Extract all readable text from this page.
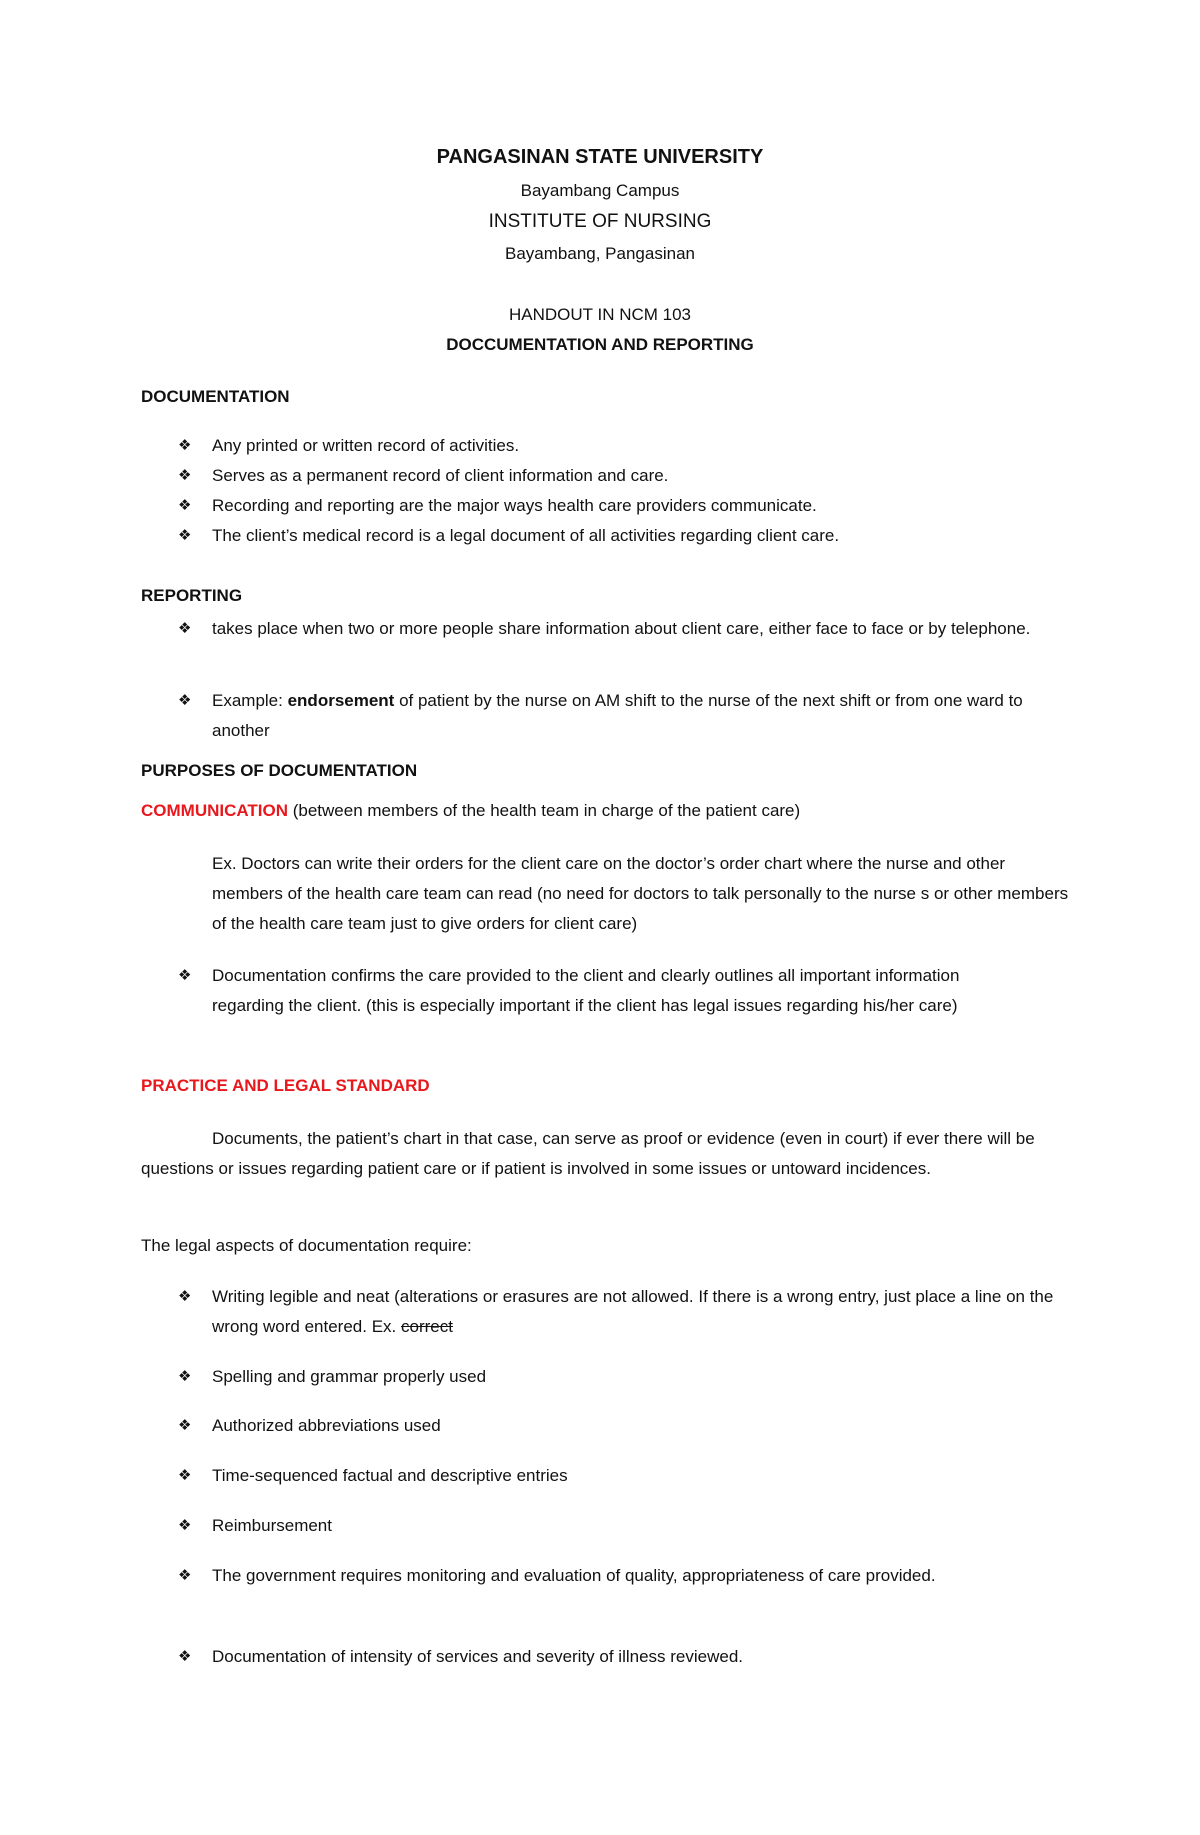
PANGASINAN STATE UNIVERSITY
Bayambang Campus
INSTITUTE OF NURSING
Bayambang, Pangasinan
HANDOUT IN NCM 103
DOCCUMENTATION AND REPORTING
DOCUMENTATION
❖	Any printed or written record of activities.
❖	Serves as a permanent record of client information and care.
❖	Recording and reporting are the major ways health care providers communicate.
❖	The client’s medical record is a legal document of all activities regarding client care.
REPORTING
❖	takes place when two or more people share information about client care, either face to face or by telephone.
❖	Example: endorsement of patient by the nurse on AM shift to the nurse of the next shift or from one ward to another
PURPOSES OF DOCUMENTATION
COMMUNICATION (between members of the health team in charge of the patient care)
Ex. Doctors can write their orders for the client care on the doctor’s order chart where the nurse and other members of the health care team can read (no need for doctors to talk personally to the nurse s or other members of the health care team just to give orders for client care)
❖	Documentation confirms the care provided to the client and clearly outlines all important information regarding the client. (this is especially important if the client has legal issues regarding his/her care)
PRACTICE AND LEGAL STANDARD
Documents, the patient’s chart in that case, can serve as proof or evidence (even in court) if ever there will be questions or issues regarding patient care or if patient is involved in some issues or untoward incidences.
The legal aspects of documentation require:
❖	Writing legible and neat (alterations or erasures are not allowed. If there is a wrong entry, just place a line on the wrong word entered. Ex. correct
❖	Spelling and grammar properly used
❖	Authorized abbreviations used
❖	Time-sequenced factual and descriptive entries
❖	Reimbursement
❖	The government requires monitoring and evaluation of quality, appropriateness of care provided.
❖	Documentation of intensity of services and severity of illness reviewed.
